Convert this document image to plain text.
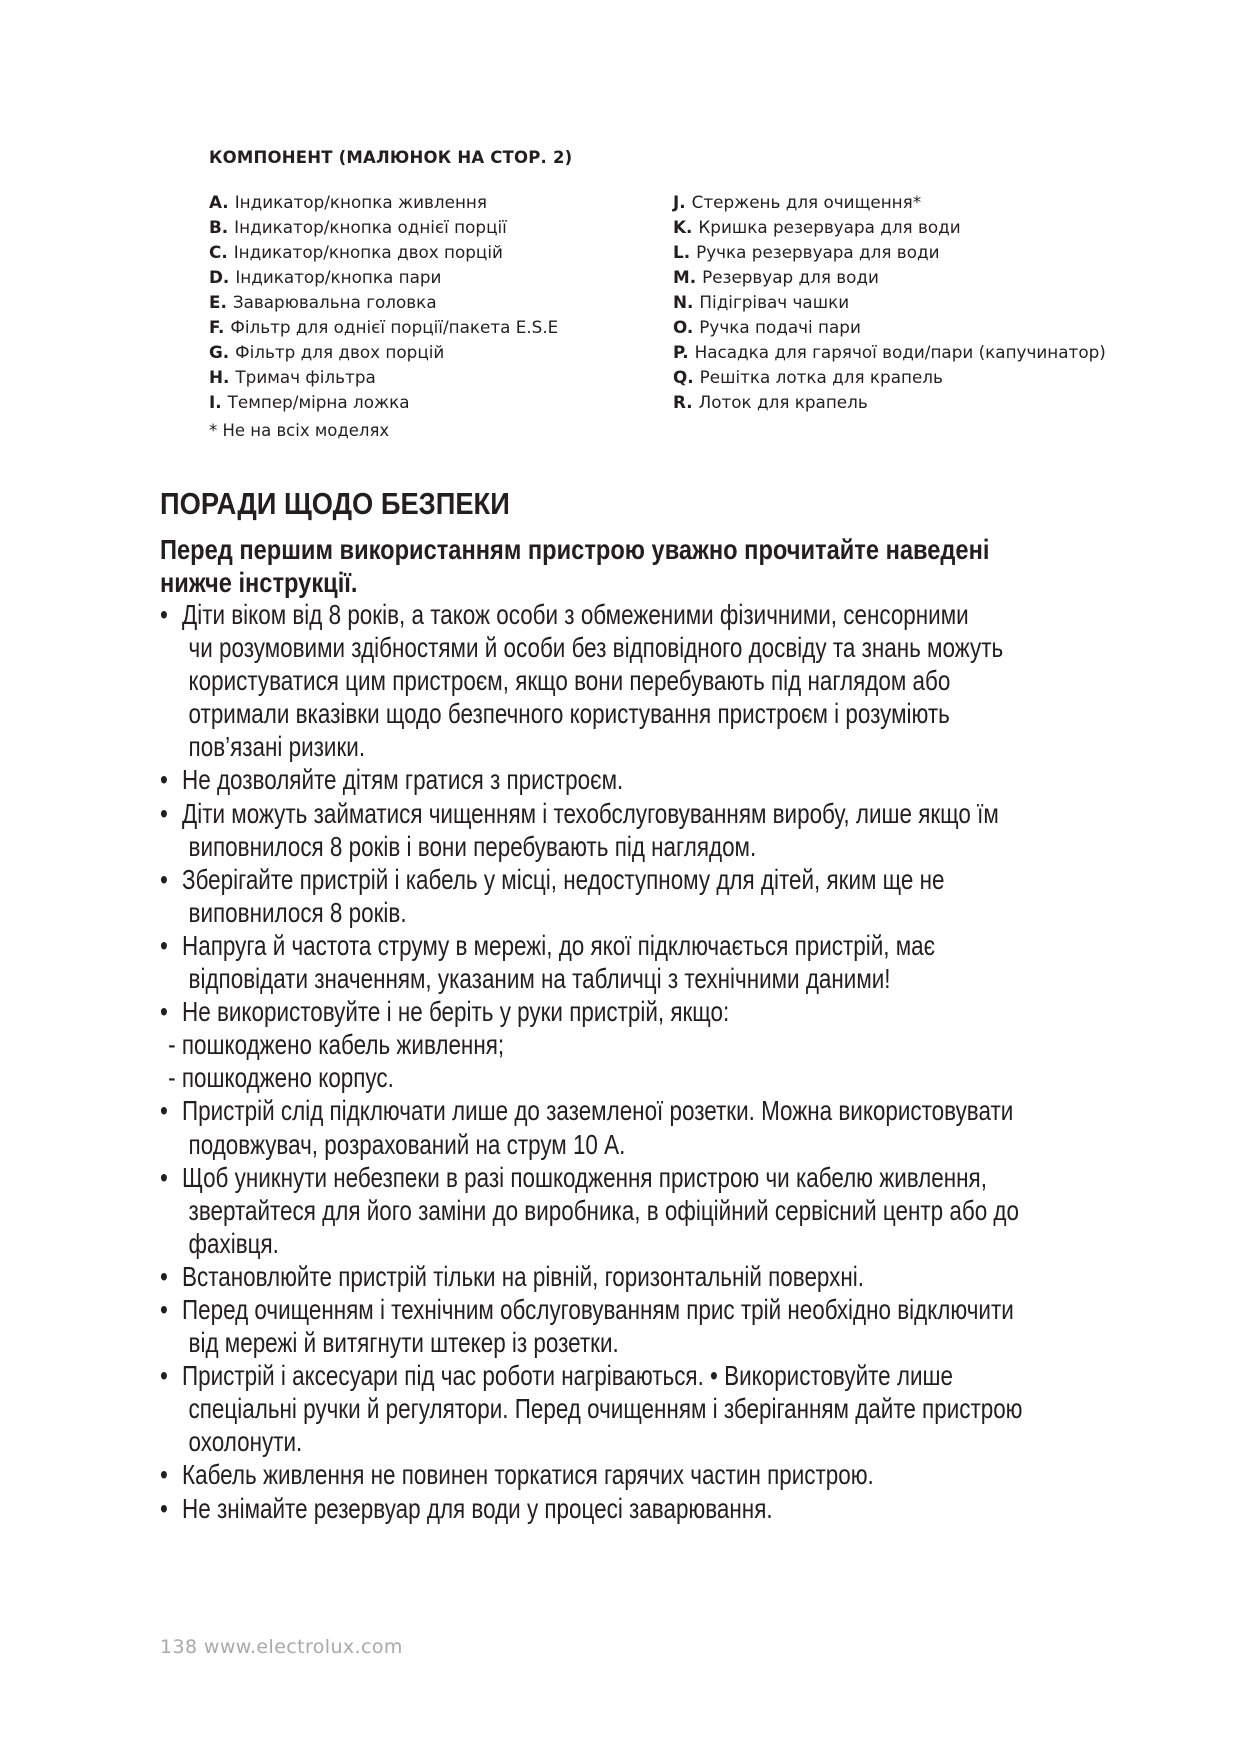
КОМПОНЕНТ (МАЛЮНОК НА СТОР. 2)
A. Індикатор/кнопка живлення
B. Індикатор/кнопка однієї порції
C. Індикатор/кнопка двох порцій
D. Індикатор/кнопка пари
E. Заварювальна головка
F. Фільтр для однієї порції/пакета E.S.E
G. Фільтр для двох порцій
H. Тримач фільтра
I. Темпер/мірна ложка
J. Стержень для очищення*
K. Кришка резервуара для води
L. Ручка резервуара для води
M. Резервуар для води
N. Підігрівач чашки
O. Ручка подачі пари
P. Насадка для гарячої води/пари (капучинатор)
Q. Решітка лотка для крапель
R. Лоток для крапель
* Не на всіх моделях
ПОРАДИ ЩОДО БЕЗПЕКИ
Перед першим використанням пристрою уважно прочитайте наведені нижче інструкції.
• Діти віком від 8 років, а також особи з обмеженими фізичними, сенсорними
чи розумовими здібностями й особи без відповідного досвіду та знань можуть
користуватися цим пристроєм, якщо вони перебувають під наглядом або
отримали вказівки щодо безпечного користування пристроєм і розуміють
пов’язані ризики.
• Не дозволяйте дітям гратися з пристроєм.
• Діти можуть займатися чищенням і техобслуговуванням виробу, лише якщо їм
виповнилося 8 років і вони перебувають під наглядом.
• Зберігайте пристрій і кабель у місці, недоступному для дітей, яким ще не
виповнилося 8 років.
• Напруга й частота струму в мережі, до якої підключається пристрій, має
відповідати значенням, указаним на табличці з технічними даними!
• Не використовуйте і не беріть у руки пристрій, якщо:
- пошкоджено кабель живлення;
- пошкоджено корпус.
• Пристрій слід підключати лише до заземленої розетки. Можна використовувати
подовжувач, розрахований на струм 10 А.
• Щоб уникнути небезпеки в разі пошкодження пристрою чи кабелю живлення,
звертайтеся для його заміни до виробника, в офіційний сервісний центр або до
фахівця.
• Встановлюйте пристрій тільки на рівній, горизонтальній поверхні.
• Перед очищенням і технічним обслуговуванням прис трій необхідно відключити
від мережі й витягнути штекер із розетки.
• Пристрій і аксесуари під час роботи нагріваються. • Використовуйте лише
спеціальні ручки й регулятори. Перед очищенням і зберіганням дайте пристрою
охолонути.
• Кабель живлення не повинен торкатися гарячих частин пристрою.
• Не знімайте резервуар для води у процесі заварювання.
138 www.electrolux.com
